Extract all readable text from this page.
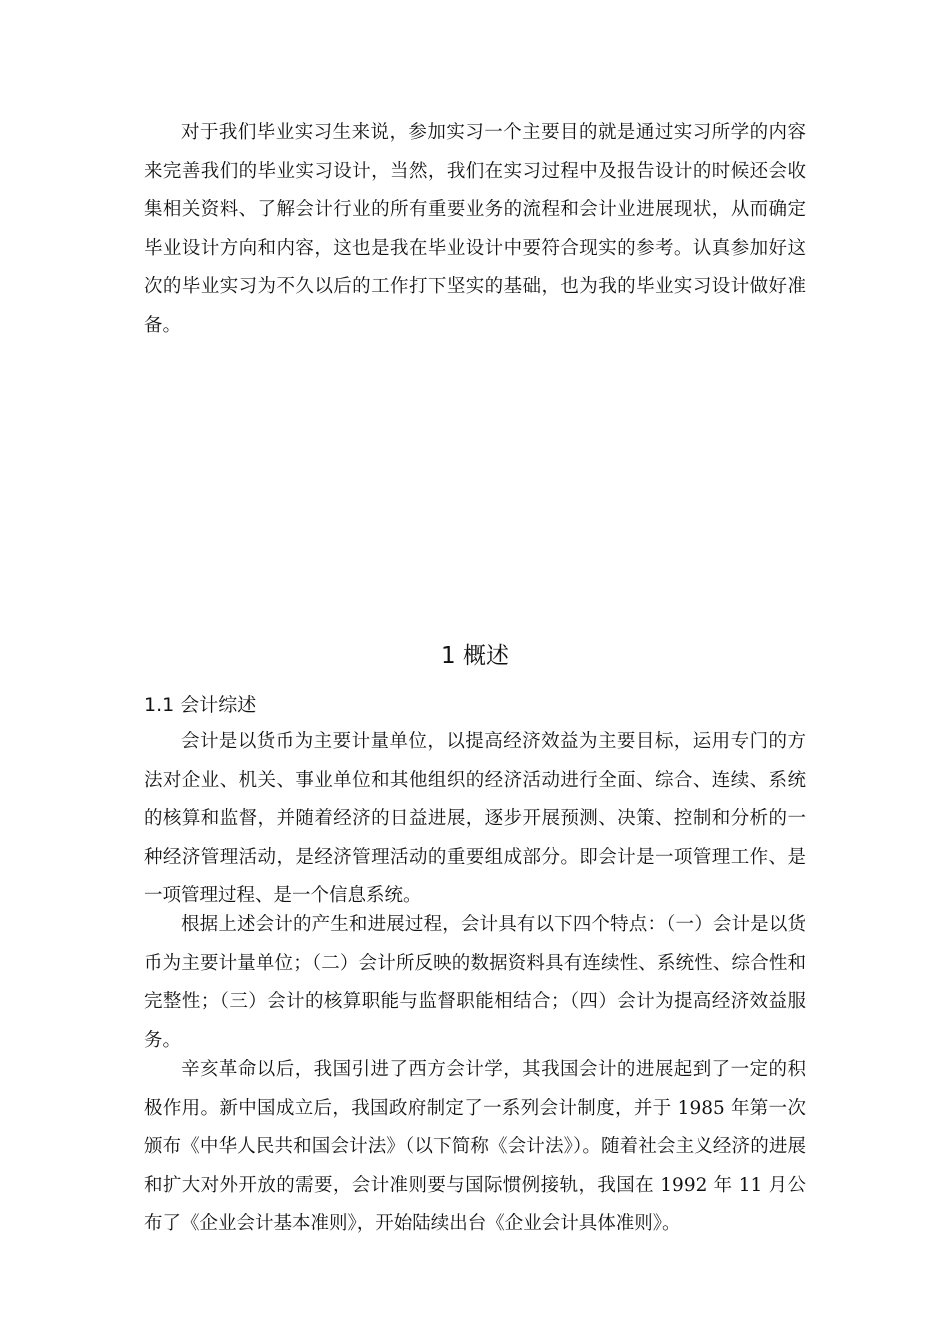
对于我们毕业实习生来说，参加实习一个主要目的就是通过实习所学的内容来完善我们的毕业实习设计，当然，我们在实习过程中及报告设计的时候还会收集相关资料、了解会计行业的所有重要业务的流程和会计业进展现状，从而确定毕业设计方向和内容，这也是我在毕业设计中要符合现实的参考。认真参加好这次的毕业实习为不久以后的工作打下坚实的基础，也为我的毕业实习设计做好准备。

1 概述
1.1 会计综述

会计是以货币为主要计量单位，以提高经济效益为主要目标，运用专门的方法对企业、机关、事业单位和其他组织的经济活动进行全面、综合、连续、系统的核算和监督，并随着经济的日益进展，逐步开展预测、决策、控制和分析的一种经济管理活动，是经济管理活动的重要组成部分。即会计是一项管理工作、是一项管理过程、是一个信息系统。

根据上述会计的产生和进展过程，会计具有以下四个特点：（一）会计是以货币为主要计量单位；（二）会计所反映的数据资料具有连续性、系统性、综合性和完整性；（三）会计的核算职能与监督职能相结合；（四）会计为提高经济效益服务。

辛亥革命以后，我国引进了西方会计学，其我国会计的进展起到了一定的积极作用。新中国成立后，我国政府制定了一系列会计制度，并于 1985 年第一次颁布《中华人民共和国会计法》（以下简称《会计法》）。随着社会主义经济的进展和扩大对外开放的需要，会计准则要与国际惯例接轨，我国在 1992 年 11 月公布了《企业会计基本准则》，开始陆续出台《企业会计具体准则》。
